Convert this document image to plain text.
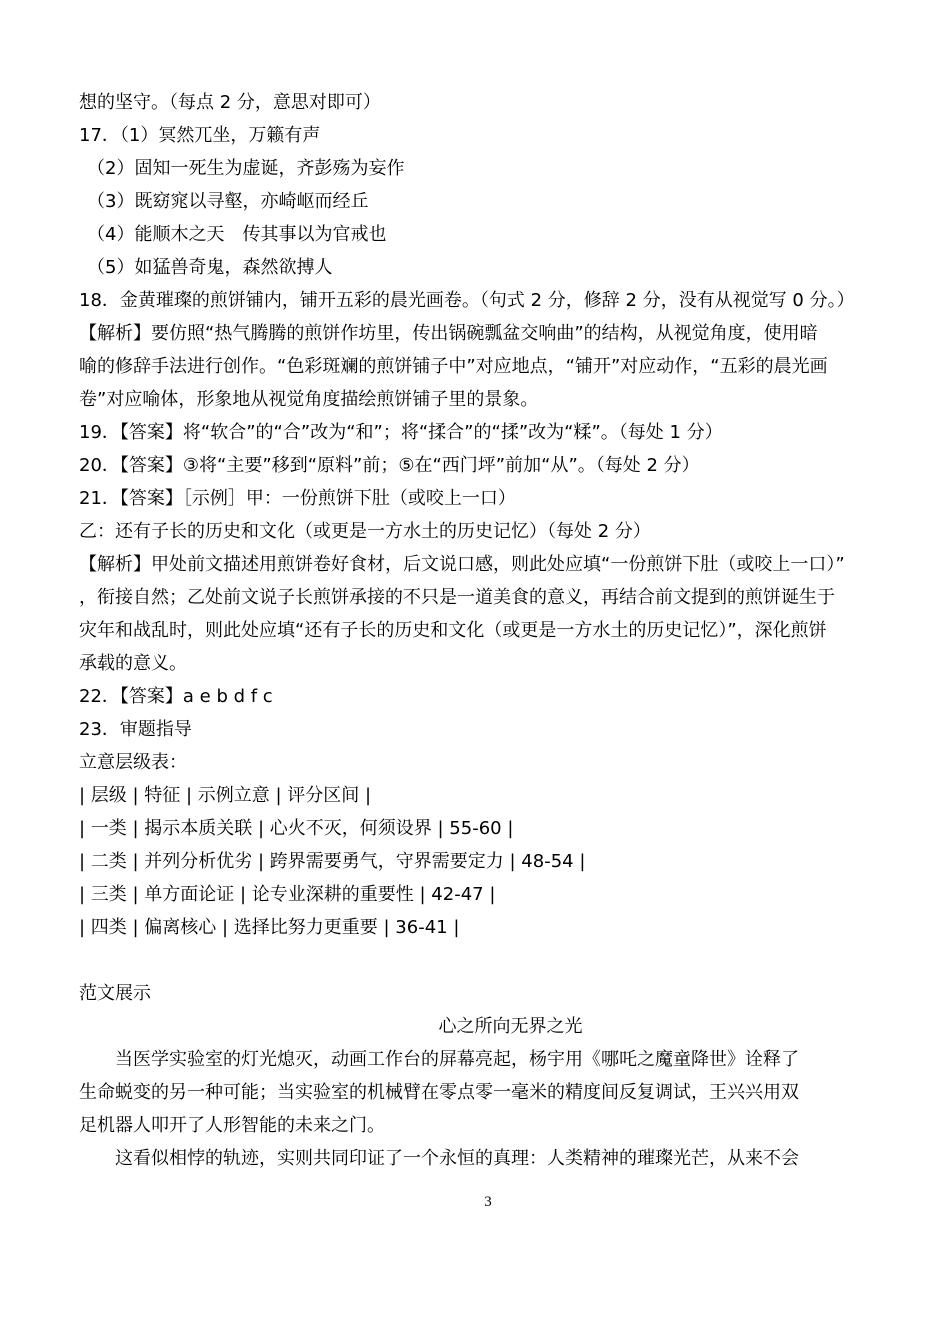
想的坚守。（每点 2 分，意思对即可）
17．（1）冥然兀坐，万籁有声
（2）固知一死生为虚诞，齐彭殇为妄作
（3）既窈窕以寻壑，亦崎岖而经丘
（4）能顺木之天　传其事以为官戒也
（5）如猛兽奇鬼，森然欲搏人
18．金黄璀璨的煎饼铺内，铺开五彩的晨光画卷。（句式 2 分，修辞 2 分，没有从视觉写 0 分。）
【解析】要仿照“热气腾腾的煎饼作坊里，传出锅碗瓢盆交响曲”的结构，从视觉角度，使用暗
喻的修辞手法进行创作。“色彩斑斓的煎饼铺子中”对应地点，“铺开”对应动作，“五彩的晨光画
卷”对应喻体，形象地从视觉角度描绘煎饼铺子里的景象。
19．【答案】将“软合”的“合”改为“和”；将“揉合”的“揉”改为“糅”。（每处 1 分）
20．【答案】③将“主要”移到“原料”前；⑤在“西门坪”前加“从”。（每处 2 分）
21．【答案】［示例］甲：一份煎饼下肚（或咬上一口）
乙：还有子长的历史和文化（或更是一方水土的历史记忆）（每处 2 分）
【解析】甲处前文描述用煎饼卷好食材，后文说口感，则此处应填“一份煎饼下肚（或咬上一口）”
，衔接自然；乙处前文说子长煎饼承接的不只是一道美食的意义，再结合前文提到的煎饼诞生于
灾年和战乱时，则此处应填“还有子长的历史和文化（或更是一方水土的历史记忆）”，深化煎饼
承载的意义。
22．【答案】a e b d f c
23．审题指导
立意层级表：
| 层级 | 特征 | 示例立意 | 评分区间 |
| 一类 | 揭示本质关联 | 心火不灭，何须设界 | 55-60 |
| 二类 | 并列分析优劣 | 跨界需要勇气，守界需要定力 | 48-54 |
| 三类 | 单方面论证 | 论专业深耕的重要性 | 42-47 |
| 四类 | 偏离核心 | 选择比努力更重要 | 36-41 |
范文展示
心之所向无界之光
当医学实验室的灯光熄灭，动画工作台的屏幕亮起，杨宇用《哪吒之魔童降世》诠释了
生命蜕变的另一种可能；当实验室的机械臂在零点零一毫米的精度间反复调试，王兴兴用双
足机器人叩开了人形智能的未来之门。
这看似相悖的轨迹，实则共同印证了一个永恒的真理：人类精神的璀璨光芒，从来不会
3
